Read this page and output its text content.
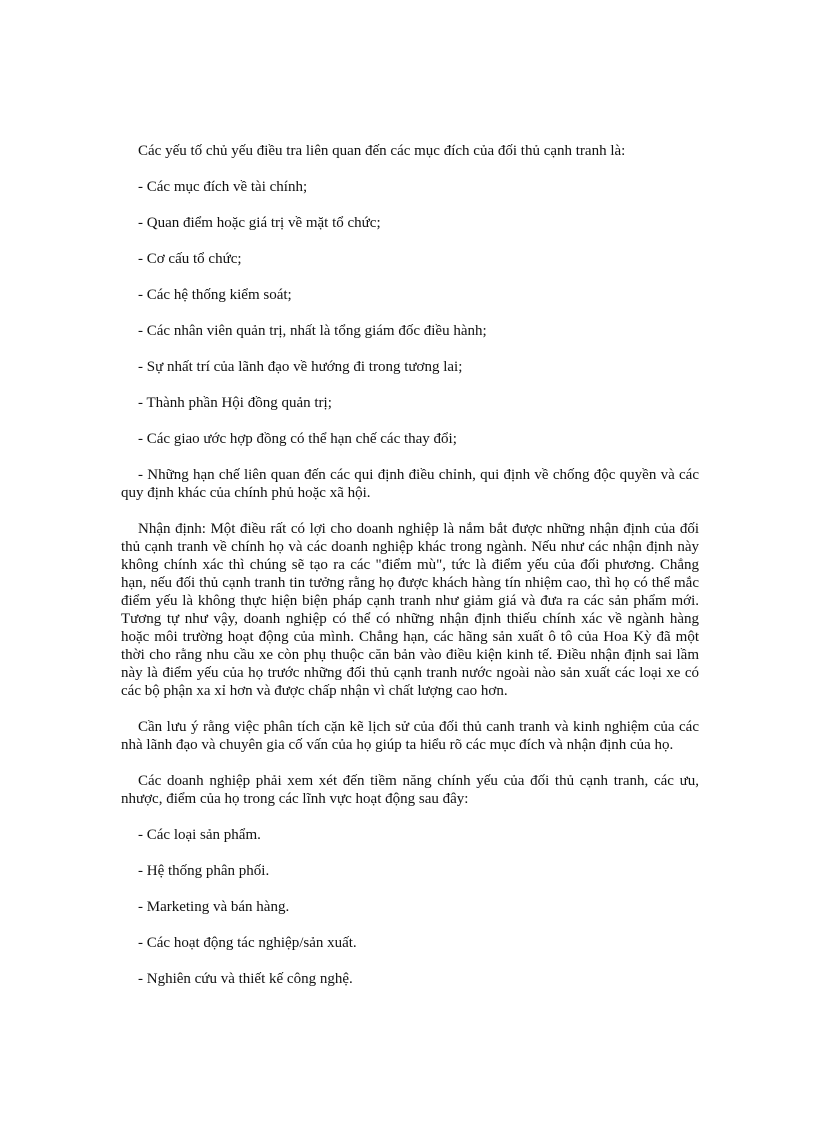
Các yếu tố chủ yếu điều tra liên quan đến các mục đích của đối thủ cạnh tranh là:

- Các mục đích về tài chính;

- Quan điểm hoặc giá trị về mặt tổ chức;

- Cơ cấu tổ chức;

- Các hệ thống kiểm soát;

- Các nhân viên quản trị, nhất là tổng giám đốc điều hành;

- Sự nhất trí của lãnh đạo về hướng đi trong tương lai;

- Thành phần Hội đồng quản trị;

- Các giao ước hợp đồng có thể hạn chế các thay đổi;

- Những hạn chế liên quan đến các qui định điều chỉnh, qui định về chống độc quyền và các quy định khác của chính phủ hoặc xã hội.

Nhận định: Một điều rất có lợi cho doanh nghiệp là nắm bắt được những nhận định của đối thủ cạnh tranh về chính họ và các doanh nghiệp khác trong ngành. Nếu như các nhận định này không chính xác thì chúng sẽ tạo ra các "điểm mù", tức là điểm yếu của đối phương. Chẳng hạn, nếu đối thủ cạnh tranh tin tưởng rằng họ được khách hàng tín nhiệm cao, thì họ có thể mắc điểm yếu là không thực hiện biện pháp cạnh tranh như giảm giá và đưa ra các sản phẩm mới. Tương tự như vậy, doanh nghiệp có thể có những nhận định thiếu chính xác về ngành hàng hoặc môi trường hoạt động của mình. Chẳng hạn, các hãng sản xuất ô tô của Hoa Kỳ đã một thời cho rằng nhu cầu xe còn phụ thuộc căn bản vào điều kiện kinh tế. Điều nhận định sai lầm này là điểm yếu của họ trước những đối thủ cạnh tranh nước ngoài nào sản xuất các loại xe có các bộ phận xa xỉ hơn và được chấp nhận vì chất lượng cao hơn.

Cần lưu ý rằng việc phân tích cặn kẽ lịch sử của đối thủ canh tranh và kinh nghiệm của các nhà lãnh đạo và chuyên gia cố vấn của họ giúp ta hiểu rõ các mục đích và nhận định của họ.

Các doanh nghiệp phải xem xét đến tiềm năng chính yếu của đối thủ cạnh tranh, các ưu, nhược, điểm của họ trong các lĩnh vực hoạt động sau đây:

- Các loại sản phẩm.

- Hệ thống phân phối.

- Marketing và bán hàng.

- Các hoạt động tác nghiệp/sản xuất.

- Nghiên cứu và thiết kế công nghệ.
